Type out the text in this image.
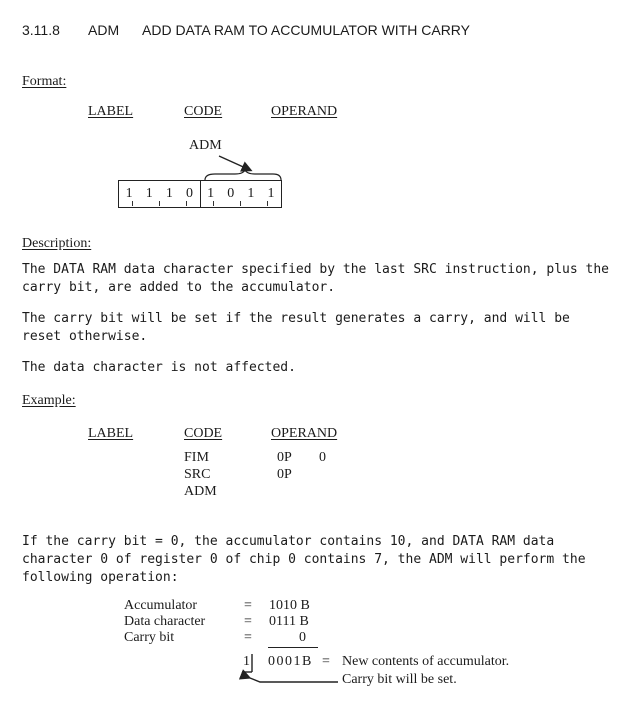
3.11.8 ADM ADD DATA RAM TO ACCUMULATOR WITH CARRY
Format:
LABEL	CODE	OPERAND
ADM
1 1 1 0 1 0 1 1
Description:
The DATA RAM data character specified by the last SRC instruction, plus the carry bit, are added to the accumulator.
The carry bit will be set if the result generates a carry, and will be reset otherwise.
The data character is not affected.
Example:
LABEL	CODE	OPERAND
FIM	0P 0
SRC	0P
ADM
If the carry bit = 0, the accumulator contains 10, and DATA RAM data character 0 of register 0 of chip 0 contains 7, the ADM will perform the following operation:
Accumulator	= 1010 B
Data character	= 0111 B
Carry bit	=	0
1 0001B = New contents of accumulator.
Carry bit will be set.
